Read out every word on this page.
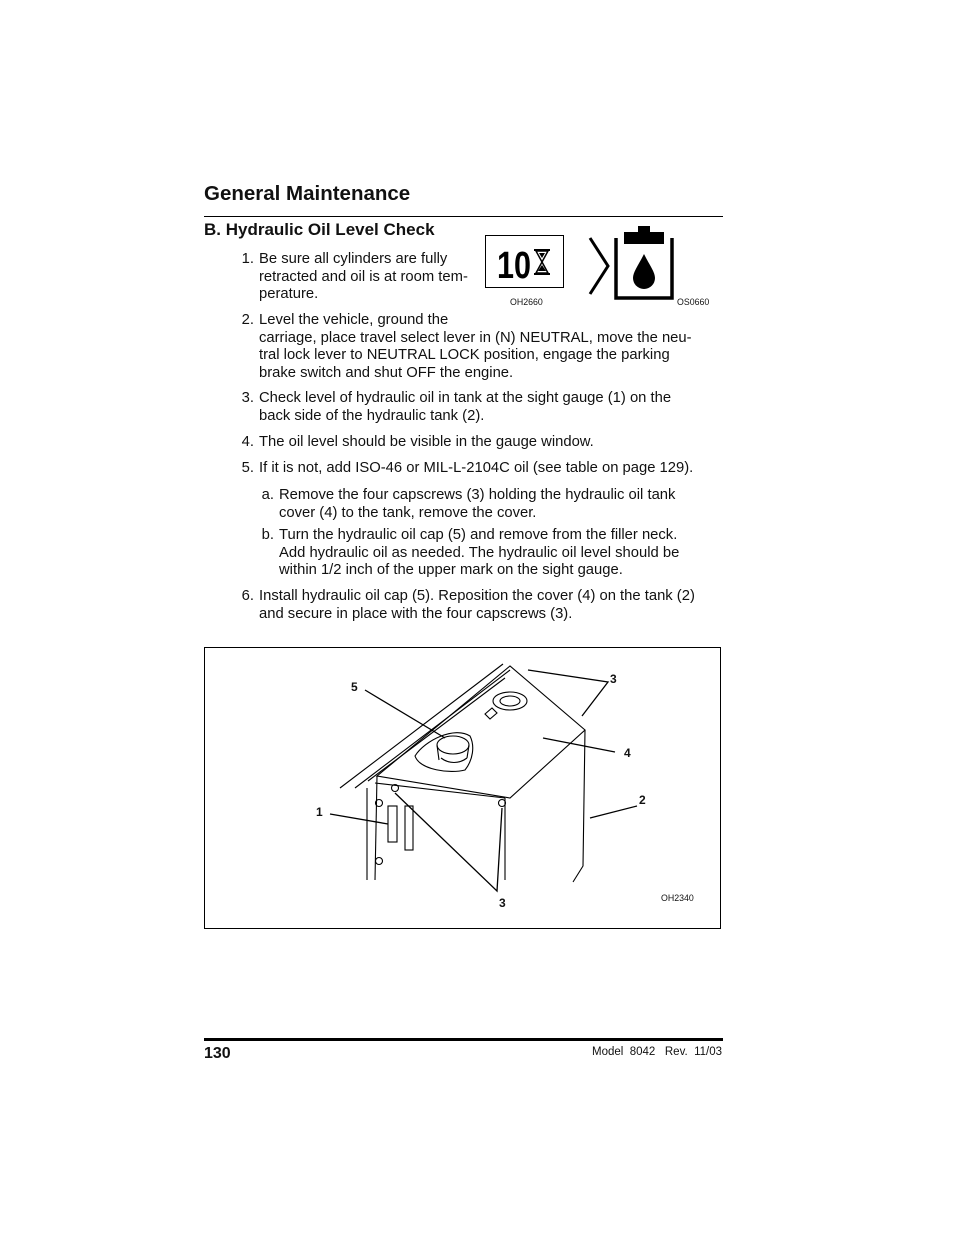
General Maintenance
B. Hydraulic Oil Level Check
10
OH2660	OS0660
1. Be sure all cylinders are fully
retracted and oil is at room tem-
perature.
2. Level the vehicle, ground the
carriage, place travel select lever in (N) NEUTRAL, move the neu-
tral lock lever to NEUTRAL LOCK position, engage the parking
brake switch and shut OFF the engine.
3. Check level of hydraulic oil in tank at the sight gauge (1) on the
back side of the hydraulic tank (2).
4. The oil level should be visible in the gauge window.
5. If it is not, add ISO-46 or MIL-L-2104C oil (see table on page 129).
a. Remove the four capscrews (3) holding the hydraulic oil tank
cover (4) to the tank, remove the cover.
b. Turn the hydraulic oil cap (5) and remove from the filler neck.
Add hydraulic oil as needed. The hydraulic oil level should be
within 1/2 inch of the upper mark on the sight gauge.
6. Install hydraulic oil cap (5). Reposition the cover (4) on the tank (2)
and secure in place with the four capscrews (3).
5
3
4
2
1
3	OH2340
130	Model  8042   Rev.  11/03
